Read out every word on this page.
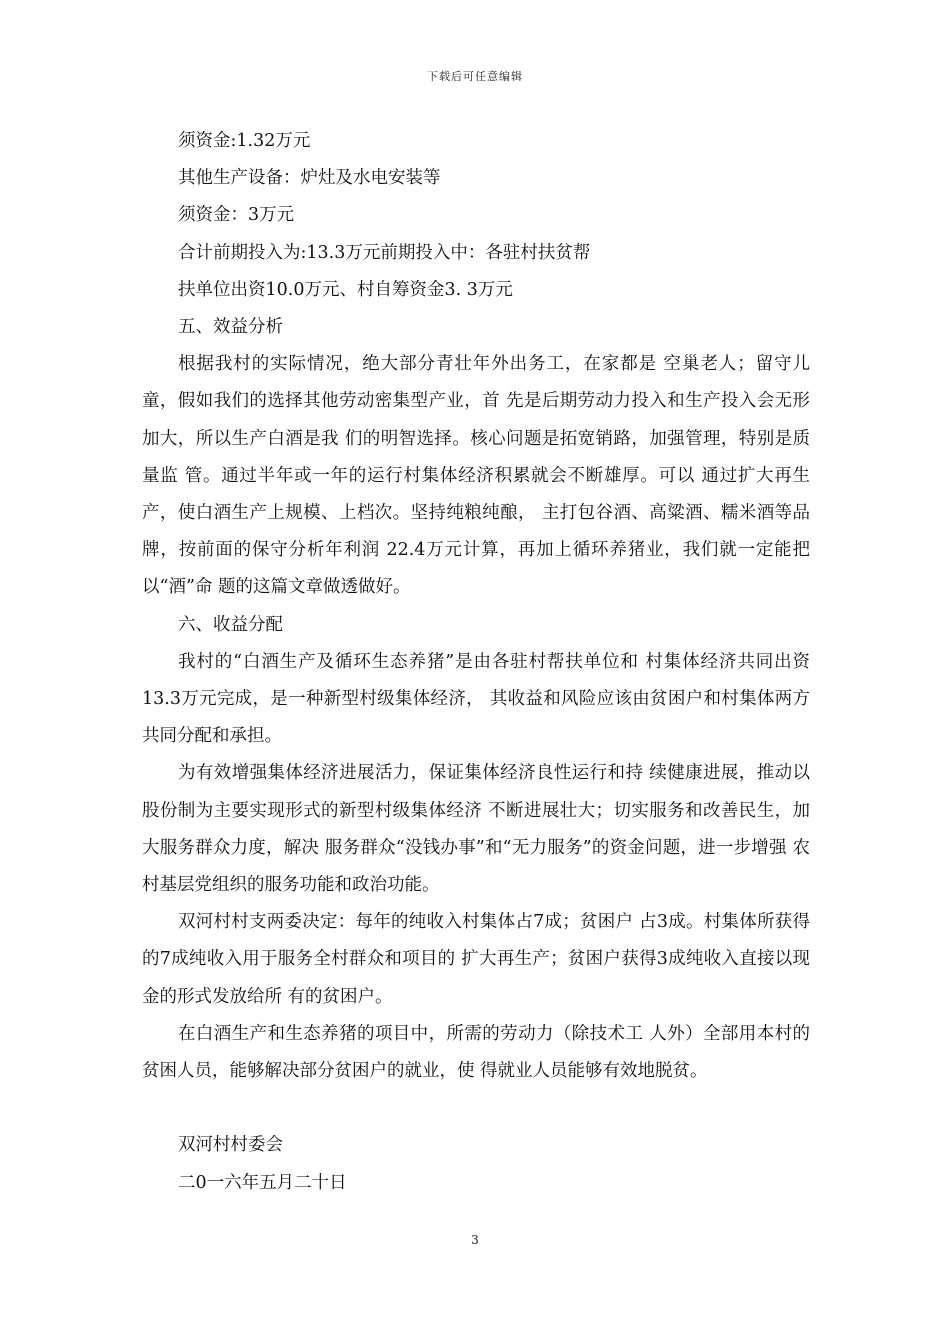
下载后可任意编辑
须资金:1.32万元
其他生产设备：炉灶及水电安装等
须资金：3万元
合计前期投入为:13.3万元前期投入中：各驻村扶贫帮
扶单位出资10.0万元、村自筹资金3. 3万元
五、效益分析
根据我村的实际情况，绝大部分青壮年外出务工，在家都是 空巢老人；留守儿童，假如我们的选择其他劳动密集型产业，首 先是后期劳动力投入和生产投入会无形加大，所以生产白酒是我 们的明智选择。核心问题是拓宽销路，加强管理，特别是质量监 管。通过半年或一年的运行村集体经济积累就会不断雄厚。可以 通过扩大再生产，使白酒生产上规模、上档次。坚持纯粮纯酿， 主打包谷酒、高粱酒、糯米酒等品牌，按前面的保守分析年利润 22.4万元计算，再加上循环养猪业，我们就一定能把以“酒”命 题的这篇文章做透做好。
六、收益分配
我村的“白酒生产及循环生态养猪”是由各驻村帮扶单位和 村集体经济共同出资13.3万元完成，是一种新型村级集体经济， 其收益和风险应该由贫困户和村集体两方共同分配和承担。
为有效增强集体经济进展活力，保证集体经济良性运行和持 续健康进展，推动以股份制为主要实现形式的新型村级集体经济 不断进展壮大；切实服务和改善民生，加大服务群众力度，解决 服务群众“没钱办事”和“无力服务”的资金问题，进一步增强 农村基层党组织的服务功能和政治功能。
双河村村支两委决定：每年的纯收入村集体占7成；贫困户 占3成。村集体所获得的7成纯收入用于服务全村群众和项目的 扩大再生产；贫困户获得3成纯收入直接以现金的形式发放给所 有的贫困户。
在白酒生产和生态养猪的项目中，所需的劳动力（除技术工 人外）全部用本村的贫困人员，能够解决部分贫困户的就业，使 得就业人员能够有效地脱贫。
双河村村委会
二0一六年五月二十日
3
